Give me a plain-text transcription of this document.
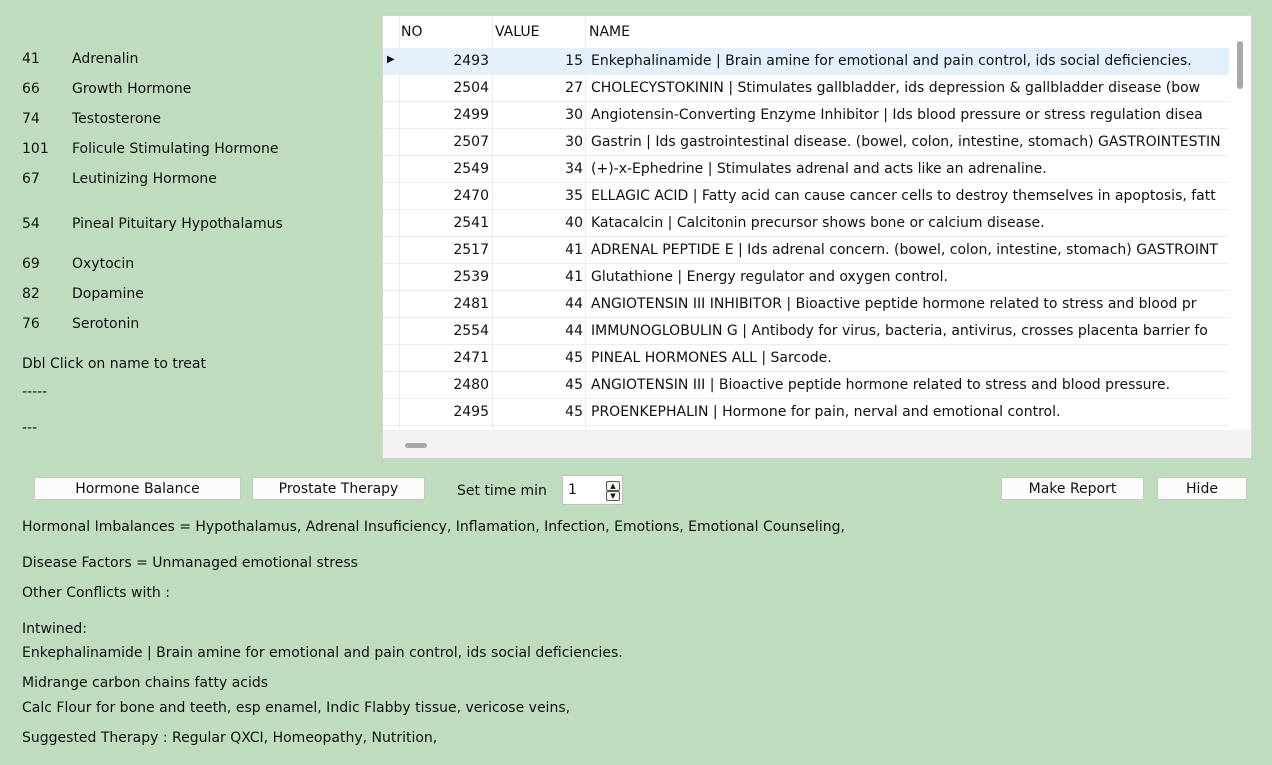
41 Adrenalin
66 Growth Hormone
74 Testosterone
101 Folicule Stimulating Hormone
67 Leutinizing Hormone
54 Pineal Pituitary Hypothalamus
69 Oxytocin
82 Dopamine
76 Serotonin
Dbl Click on name to treat
-----
---
NO	VALUE	NAME
▶	2493	15 Enkephalinamide | Brain amine for emotional and pain control, ids social deficiencies.
2504	27 CHOLECYSTOKININ | Stimulates gallbladder, ids depression & gallbladder disease (bow
2499	30 Angiotensin-Converting Enzyme Inhibitor | Ids blood pressure or stress regulation disea
2507	30 Gastrin | Ids gastrointestinal disease. (bowel, colon, intestine, stomach) GASTROINTESTIN
2549	34 (+)-x-Ephedrine | Stimulates adrenal and acts like an adrenaline.
2470	35 ELLAGIC ACID | Fatty acid can cause cancer cells to destroy themselves in apoptosis, fatt
2541	40 Katacalcin | Calcitonin precursor shows bone or calcium disease.
2517	41 ADRENAL PEPTIDE E | Ids adrenal concern. (bowel, colon, intestine, stomach) GASTROINT
2539	41 Glutathione | Energy regulator and oxygen control.
2481	44 ANGIOTENSIN III INHIBITOR | Bioactive peptide hormone related to stress and blood pr
2554	44 IMMUNOGLOBULIN G | Antibody for virus, bacteria, antivirus, crosses placenta barrier fo
2471	45 PINEAL HORMONES ALL | Sarcode.
2480	45 ANGIOTENSIN III | Bioactive peptide hormone related to stress and blood pressure.
2495	45 PROENKEPHALIN | Hormone for pain, nerval and emotional control.
Hormone Balance	Prostate Therapy	Set time min 1	▲
▼	Make Report	Hide
Hormonal Imbalances = Hypothalamus, Adrenal Insuficiency, Inflamation, Infection, Emotions, Emotional Counseling,
Disease Factors = Unmanaged emotional stress
Other Conflicts with :
Intwined:
Enkephalinamide | Brain amine for emotional and pain control, ids social deficiencies.
Midrange carbon chains fatty acids
Calc Flour for bone and teeth, esp enamel, Indic Flabby tissue, vericose veins,
Suggested Therapy : Regular QXCI, Homeopathy, Nutrition,
